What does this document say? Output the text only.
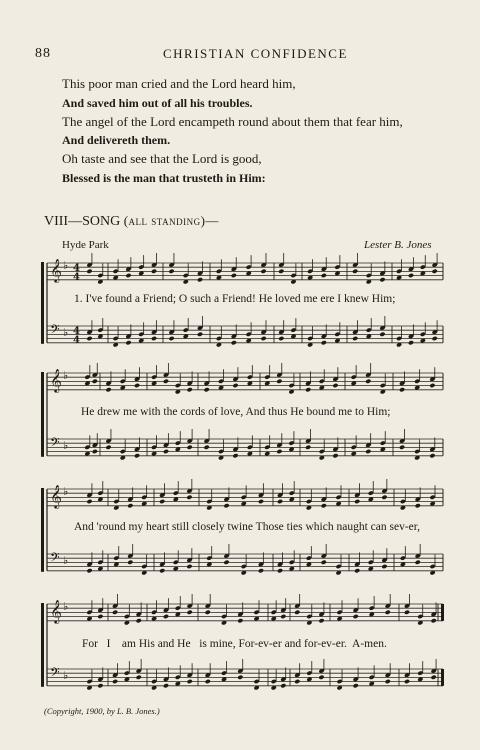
88	CHRISTIAN CONFIDENCE
This poor man cried and the Lord heard him,
And saved him out of all his troubles.
The angel of the Lord encampeth round about them that fear him,
And delivereth them.
Oh taste and see that the Lord is good,
Blessed is the man that trusteth in Him:
VIII—SONG (all standing)—
Hyde Park	Lester B. Jones
𝄞 ♭ 4
4
𝄢 ♭ 4
4
𝄞 ♭
𝄢 ♭
𝄞 ♭
𝄢 ♭
𝄞 ♭
𝄢 ♭
1. I've found a Friend; O such a Friend! He loved me ere I knew Him;
He drew me with the cords of love, And thus He bound me to Him;
And 'round my heart still closely twine Those ties which naught can sev-er,
For   I    am His and He   is mine, For-ev-er and for-ev-er.  A-men.
(Copyright, 1900, by L. B. Jones.)
